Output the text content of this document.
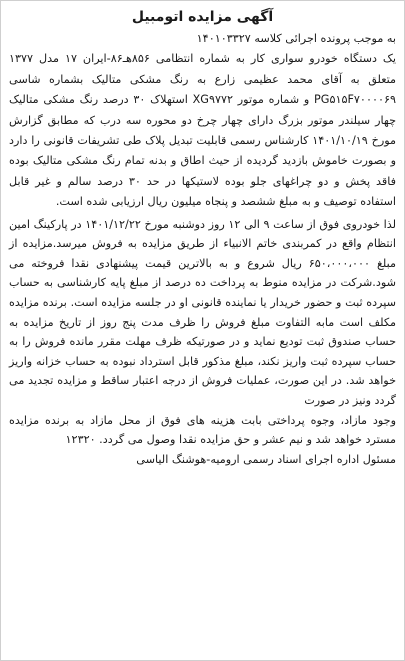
آگهی مزایده اتومبیل

به موجب پرونده اجرائی کلاسه ۱۴۰۱۰۳۳۲۷

یک دستگاه خودرو سواری کار به شماره انتظامی ۸۵۶هـ۸۶-ایران ۱۷ مدل ۱۳۷۷ متعلق به آقای محمد عظیمی زارع به رنگ مشکی متالیک بشماره شاسی PG۵۱۵F۷۰۰۰۰۶۹ و شماره موتور XG۹۷۷۲ استهلاک ۳۰ درصد رنگ مشکی متالیک چهار سیلندر موتور بزرگ دارای چهار چرخ دو محوره سه درب که مطابق گزارش مورخ ۱۴۰۱/۱۰/۱۹ کارشناس رسمی قابلیت تبدیل پلاک طی تشریفات قانونی را دارد و بصورت خاموش بازدید گردیده از حیث اطاق و بدنه تمام رنگ مشکی متالیک بوده فاقد پخش و دو چراغهای جلو بوده لاستیکها در حد ۳۰ درصد سالم و غیر قابل استفاده توصیف و به مبلغ ششصد و پنجاه میلیون ریال ارزیابی شده است.

لذا خودروی فوق از ساعت ۹ الی ۱۲ روز دوشنبه مورخ ۱۴۰۱/۱۲/۲۲ در پارکینگ امین انتظام واقع در کمربندی خاتم الانبیاء از طریق مزایده به فروش میرسد.مزایده از مبلغ ۶۵۰،۰۰۰،۰۰۰ ریال شروع و به بالاترین قیمت پیشنهادی نقدا فروخته می شود.شرکت در مزایده منوط به پرداخت ده درصد از مبلغ پایه کارشناسی به حساب سپرده ثبت و حضور خریدار یا نماینده قانونی او در جلسه مزایده است. برنده مزایده مکلف است مابه التفاوت مبلغ فروش را ظرف مدت پنج روز از تاریخ مزایده به حساب صندوق ثبت تودیع نماید و در صورتیکه ظرف مهلت مقرر مانده فروش را به حساب سپرده ثبت واریز نکند، مبلغ مذکور قابل استرداد نبوده به حساب خزانه واریز خواهد شد. در این صورت، عملیات فروش از درجه اعتبار ساقط و مزایده تجدید می گردد ونیز در صورت

وجود مازاد، وجوه پرداختی بابت هزینه های فوق از محل مازاد به برنده مزایده مسترد خواهد شد و نیم عشر و حق مزایده نقدا وصول می گردد. ۱۲۳۲۰

مسئول اداره اجرای اسناد رسمی ارومیه-هوشنگ الیاسی
